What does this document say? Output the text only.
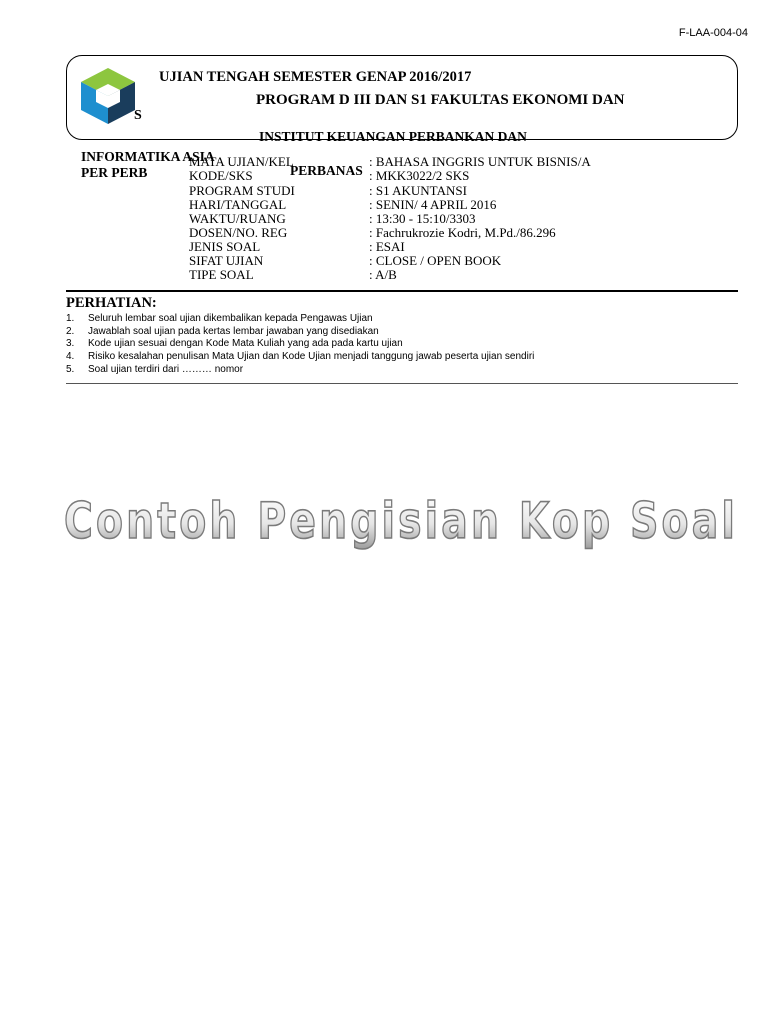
F-LAA-004-04
S
UJIAN TENGAH SEMESTER GENAP 2016/2017
PROGRAM D III DAN S1 FAKULTAS EKONOMI DAN
INSTITUT KEUANGAN PERBANKAN DAN
INFORMATIKA ASIA
PER PERB	PERBANAS
MATA UJIAN/KEL	: BAHASA INGGRIS UNTUK BISNIS/A
KODE/SKS	: MKK3022/2 SKS
PROGRAM STUDI	: S1 AKUNTANSI
HARI/TANGGAL	: SENIN/ 4 APRIL 2016
WAKTU/RUANG	: 13:30 - 15:10/3303
DOSEN/NO. REG	: Fachrukrozie Kodri, M.Pd./86.296
JENIS SOAL	: ESAI
SIFAT UJIAN	: CLOSE / OPEN BOOK
TIPE SOAL	: A/B
PERHATIAN:
1. Seluruh lembar soal ujian dikembalikan kepada Pengawas Ujian
2. Jawablah soal ujian pada kertas lembar jawaban yang disediakan
3. Kode ujian sesuai dengan Kode Mata Kuliah yang ada pada kartu ujian
4. Risiko kesalahan penulisan Mata Ujian dan Kode Ujian menjadi tanggung jawab peserta ujian sendiri
5. Soal ujian terdiri dari ……… nomor
Contoh Pengisian Kop Soal
